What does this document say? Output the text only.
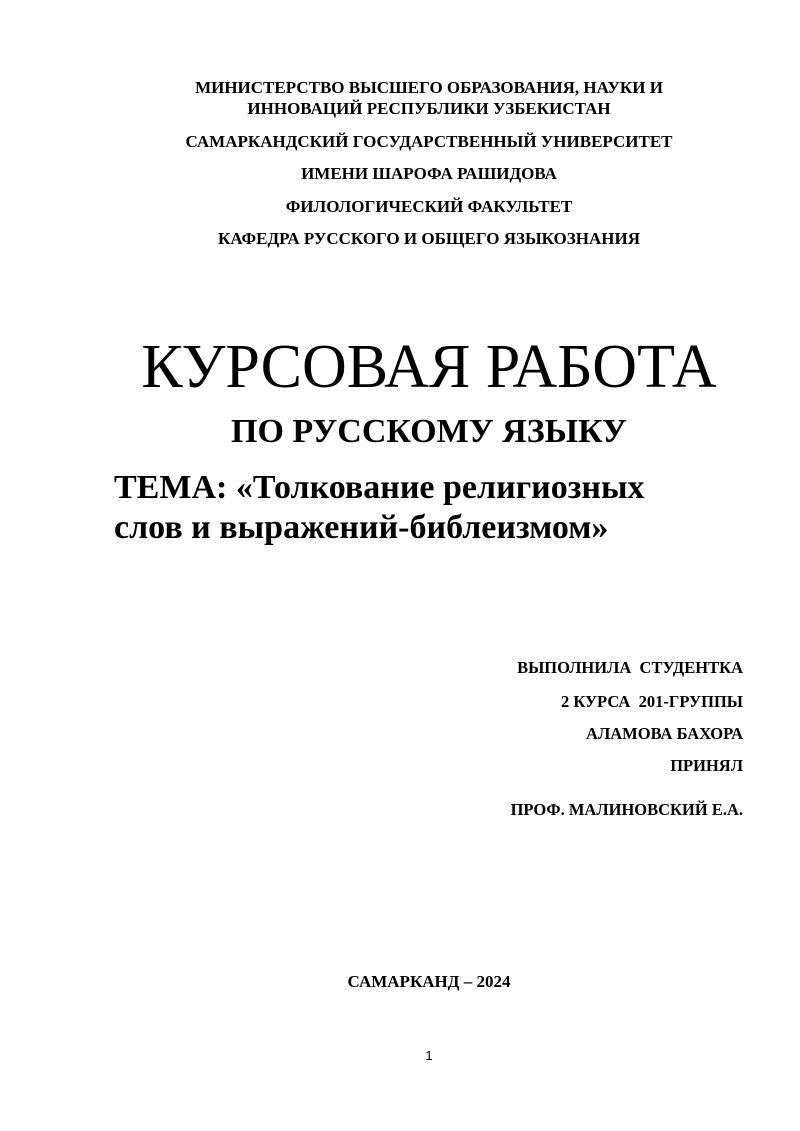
МИНИСТЕРСТВО ВЫСШЕГО ОБРАЗОВАНИЯ, НАУКИ И

ИННОВАЦИЙ РЕСПУБЛИКИ УЗБЕКИСТАН

САМАРКАНДСКИЙ ГОСУДАРСТВЕННЫЙ УНИВЕРСИТЕТ

ИМЕНИ ШАРОФА РАШИДОВА

ФИЛОЛОГИЧЕСКИЙ ФАКУЛЬТЕТ

КАФЕДРА РУССКОГО И ОБЩЕГО ЯЗЫКОЗНАНИЯ

КУРСОВАЯ РАБОТА
ПО РУССКОМУ ЯЗЫКУ
ТЕМА: «Толкование религиозных
слов и выражений-библеизмом»

ВЫПОЛНИЛА  СТУДЕНТКА

2 КУРСА  201-ГРУППЫ

АЛАМОВА БАХОРА

ПРИНЯЛ

ПРОФ. МАЛИНОВСКИЙ Е.А.

САМАРКАНД – 2024

1
